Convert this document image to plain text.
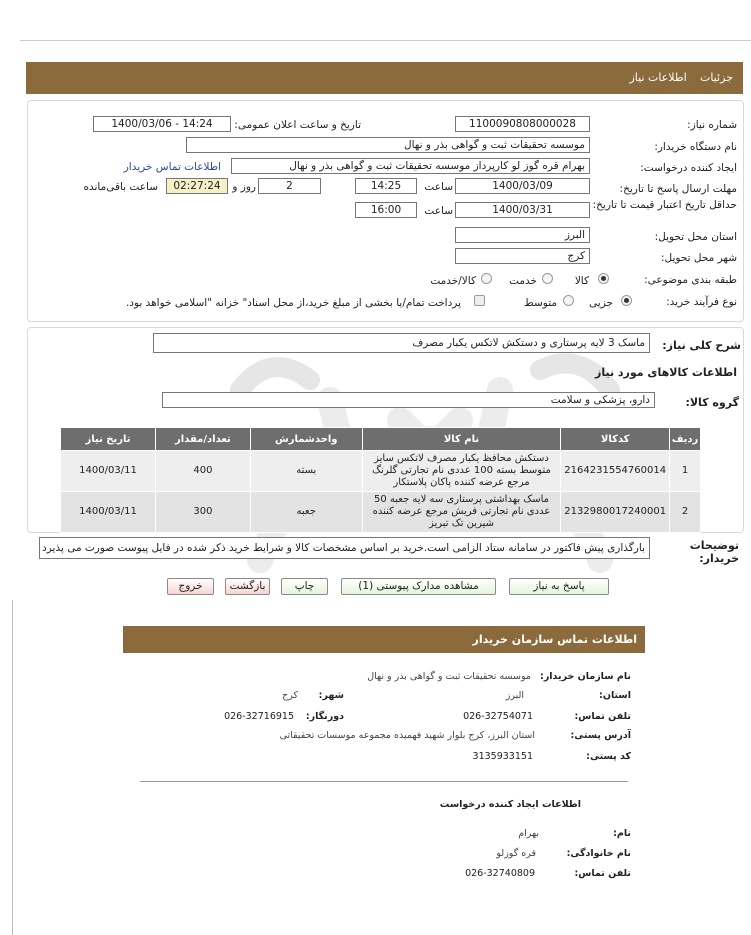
جزئیات اطلاعات نیاز
شماره نیاز:
1100090808000028
تاریخ و ساعت اعلان عمومی:
1400/03/06 - 14:24
نام دستگاه خریدار:
موسسه تحقیقات ثبت و گواهی بذر و نهال
ایجاد کننده درخواست:
بهرام قره گوز لو کارپرداز موسسه تحقیقات ثبت و گواهی بذر و نهال
اطلاعات تماس خریدار
مهلت ارسال پاسخ تا تاریخ:
1400/03/09
ساعت
14:25
2
روز و
02:27:24
ساعت باقی‌مانده
حداقل تاریخ اعتبار قیمت‌ تا تاریخ:
1400/03/31
ساعت
16:00
استان محل تحویل:
البرز
شهر محل تحویل:
کرج
طبقه بندی موضوعی:
کالا
خدمت
کالا/خدمت
نوع فرآیند خرید:
جزیی
متوسط
پرداخت تمام/یا بخشی از مبلغ خرید،از محل اسناد" خزانه "اسلامی خواهد بود.
شرح کلی نیاز:
ماسک 3 لایه پرستاری و دستکش لاتکس یکبار مصرف
اطلاعات کالاهای مورد نیاز
گروه کالا:
دارو، پزشکی و سلامت
ردیف	کدکالا	نام کالا	واحدشمارش	تعداد/مقدار	تاریخ نیاز
1	2164231554760014	دستکش محافظ یکبار مصرف لاتکس سایز متوسط بسته 100 عددی نام تجارتی گلرنگ مرجع عرضه کننده پاکان پلاستکار	بسته	400	1400/03/11
2	2132980017240001	ماسک بهداشتی پرستاری سه لایه جعبه 50 عددی نام تجارتی فریش مرجع عرضه کننده شیرین تک تبریز	جعبه	300	1400/03/11
توضیحات خریدار:
بارگذاری پیش فاکتور در سامانه ستاد الزامی است.خرید بر اساس مشخصات کالا و شرایط خرید ذکر شده در فایل پیوست صورت می پذیرد
پاسخ به نیاز
مشاهده مدارک پیوستی (1)
چاپ
بازگشت
خروج
اطلاعات تماس سازمان خریدار
نام سازمان خریدار:
موسسه تحقیقات ثبت و گواهی بذر و نهال
استان:
البرز
شهر:
کرج
تلفن تماس:
026-32754071
دورنگار:
026-32716915
آدرس پستی:
استان البرز، کرج بلوار شهید فهمیده مجموعه موسسات تحقیقاتی
کد پستی:
3135933151
اطلاعات ایجاد کننده درخواست
نام:
بهرام
نام خانوادگی:
قره گوزلو
تلفن تماس:
026-32740809
